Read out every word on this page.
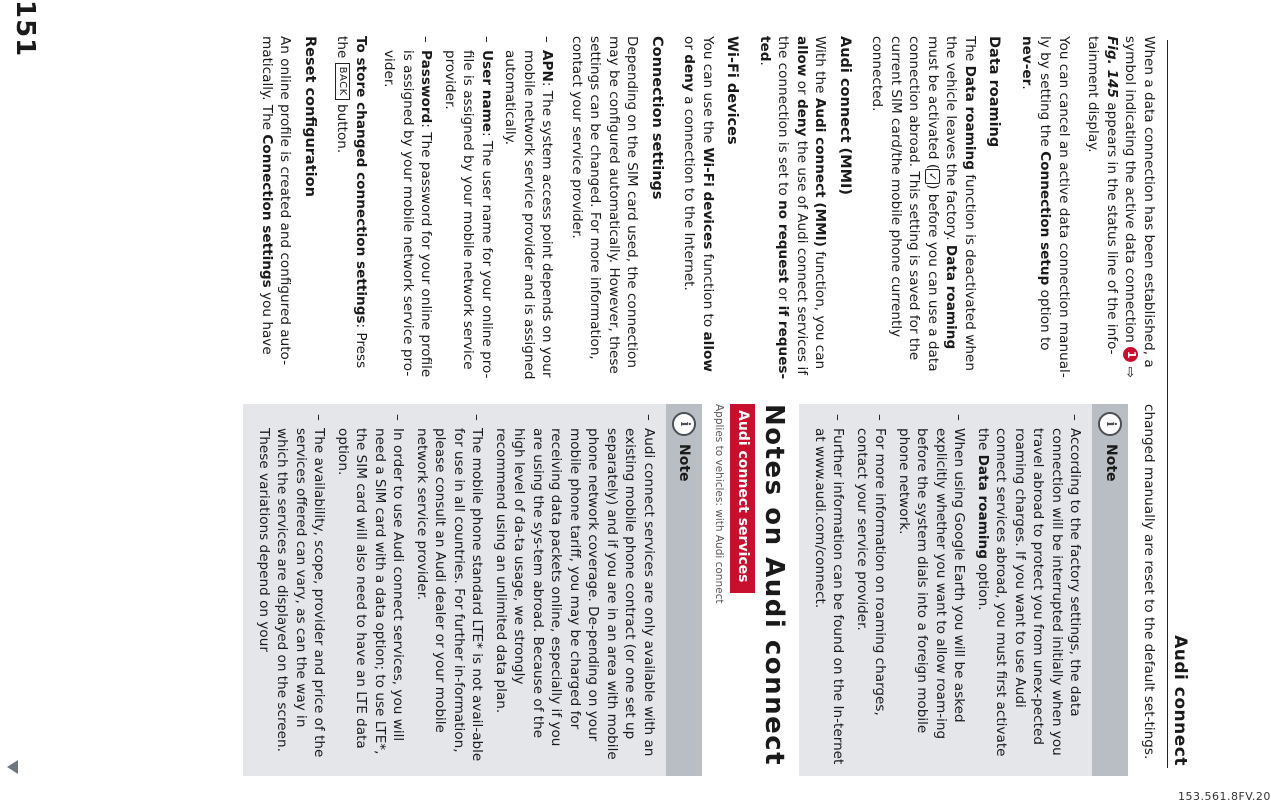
153.561.8FV.20
Audi connect

When a data connection has been established, a symbol indicating the active data connection 1 ⇨ Fig. 145 appears in the status line of the info-tainment display.

You can cancel an active data connection manual-ly by setting the Connection setup option to nev-er.

Data roaming

The Data roaming function is deactivated when the vehicle leaves the factory. Data roaming must be activated (✓) before you can use a data connection abroad. This setting is saved for the current SIM card/the mobile phone currently connected.

Audi connect (MMI)

With the Audi connect (MMI) function, you can allow or deny the use of Audi connect services if the connection is set to no request or if reques-ted.

Wi-Fi devices

You can use the Wi-Fi devices function to allow or deny a connection to the Internet.

Connection settings

Depending on the SIM card used, the connection may be configured automatically. However, these settings can be changed. For more information, contact your service provider.

– APN: The system access point depends on your mobile network service provider and is assigned automatically.
– User name: The user name for your online pro-file is assigned by your mobile network service provider.
– Password: The password for your online profile is assigned by your mobile network service pro-vider.

To store changed connection settings: Press the BACK button.

Reset configuration

An online profile is created and configured auto-matically. The Connection settings you have

changed manually are reset to the default set-tings.

i
Note
– According to the factory settings, the data connection will be interrupted initially when you travel abroad to protect you from unex-pected roaming charges. If you want to use Audi connect services abroad, you must first activate the Data roaming option.
– When using Google Earth you will be asked explicitly whether you want to allow roam-ing before the system dials into a foreign mobile phone network.
– For more information on roaming charges, contact your service provider.
– Further information can be found on the In-ternet at www.audi.com/connect.
Notes on Audi connect
Audi connect services
Applies to vehicles: with Audi connect
i
Note
– Audi connect services are only available with an existing mobile phone contract (or one set up separately) and if you are in an area with mobile phone network coverage. De-pending on your mobile phone tariff, you may be charged for receiving data packets online, especially if you are using the sys-tem abroad. Because of the high level of da-ta usage, we strongly recommend using an unlimited data plan.
– The mobile phone standard LTE* is not avail-able for use in all countries. For further in-formation, please consult an Audi dealer or your mobile network service provider.
– In order to use Audi connect services, you will need a SIM card with a data option; to use LTE*, the SIM card will also need to have an LTE data option.
– The availability, scope, provider and price of the services offered can vary, as can the way in which the services are displayed on the screen. These variations depend on your
151
